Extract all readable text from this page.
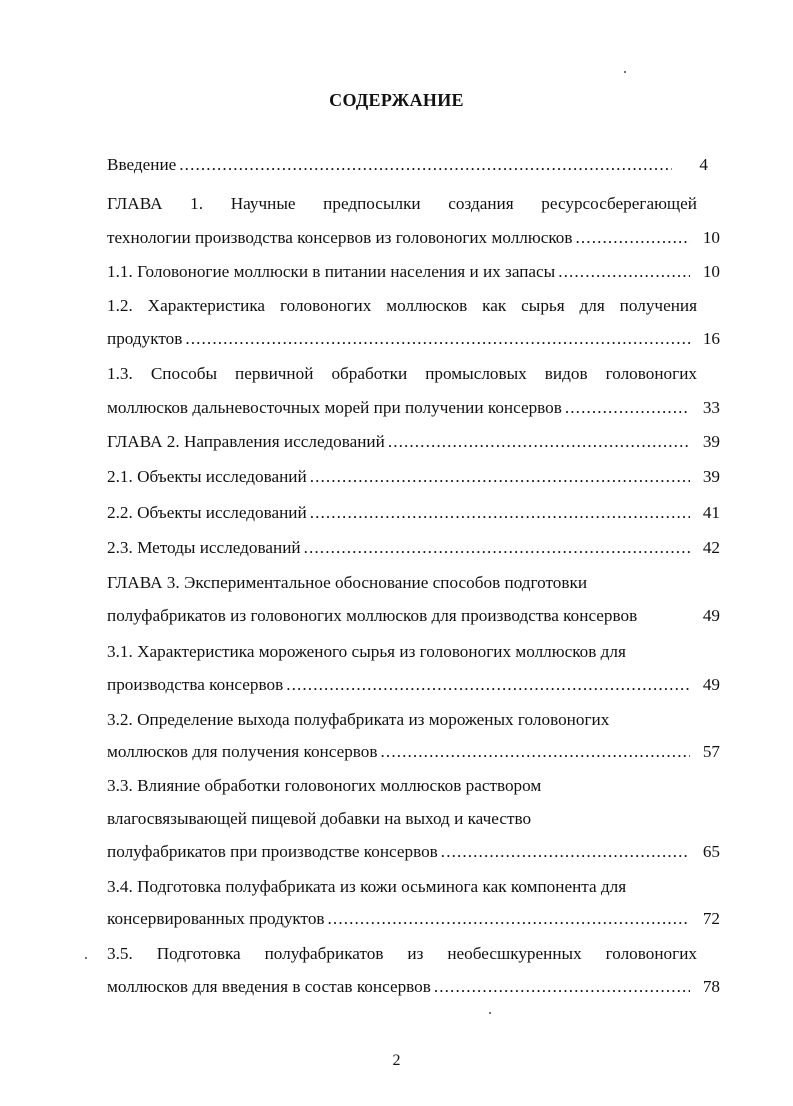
СОДЕРЖАНИЕ
Введение . . .	4
ГЛАВА 1. Научные предпосылки создания ресурсосберегающей
технологии производства консервов из головоногих моллюсков . . .	10
1.1. Головоногие моллюски в питании населения и их запасы . . .	10
1.2. Характеристика головоногих моллюсков как сырья для получения
продуктов . . .	16
1.3. Способы первичной обработки промысловых видов головоногих
моллюсков дальневосточных морей при получении консервов . . .	33
ГЛАВА 2. Направления исследований . . .	39
2.1. Объекты исследований . . .	39
2.2. Объекты исследований . . .	41
2.3. Методы исследований . . .	42
ГЛАВА 3. Экспериментальное обоснование способов подготовки
полуфабрикатов из головоногих моллюсков для производства консервов	49
3.1. Характеристика мороженого сырья из головоногих моллюсков для
производства консервов . . .	49
3.2. Определение выхода полуфабриката из мороженых головоногих
моллюсков для получения консервов . . .	57
3.3. Влияние обработки головоногих моллюсков раствором
влагосвязывающей пищевой добавки на выход и качество
полуфабрикатов при производстве консервов . . .	65
3.4. Подготовка полуфабриката из кожи осьминога как компонента для
консервированных продуктов . . .	72
3.5. Подготовка полуфабрикатов из необесшкуренных головоногих
моллюсков для введения в состав консервов . . .	78
2
